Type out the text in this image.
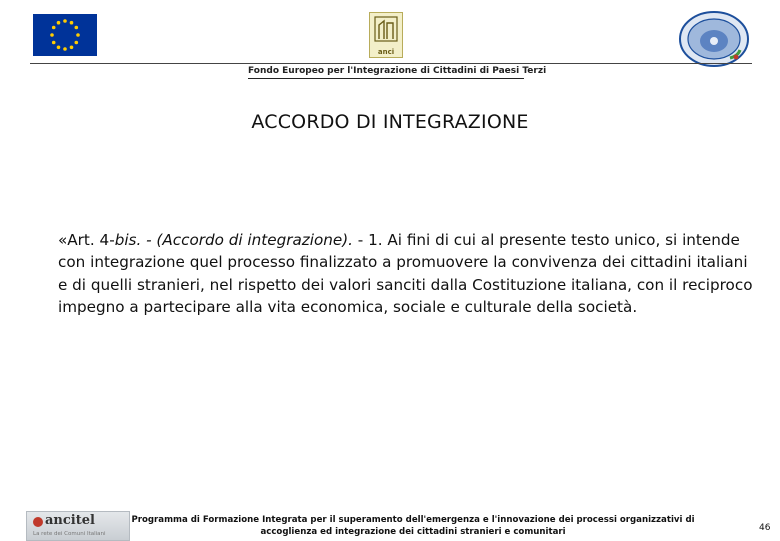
anci
Fondo Europeo per l'Integrazione di Cittadini di Paesi Terzi
ACCORDO DI INTEGRAZIONE
«Art. 4-bis. - (Accordo di integrazione). - 1. Ai fini di cui al presente testo unico, si intende con integrazione quel processo finalizzato a promuovere la convivenza dei cittadini italiani e di quelli stranieri, nel rispetto dei valori sanciti dalla Costituzione italiana, con il reciproco impegno a partecipare alla vita economica, sociale e culturale della società.
ancitel
La rete dei Comuni Italiani
Programma di Formazione Integrata per il superamento dell'emergenza e l'innovazione dei processi organizzativi di
accoglienza ed integrazione dei cittadini stranieri e comunitari	46
